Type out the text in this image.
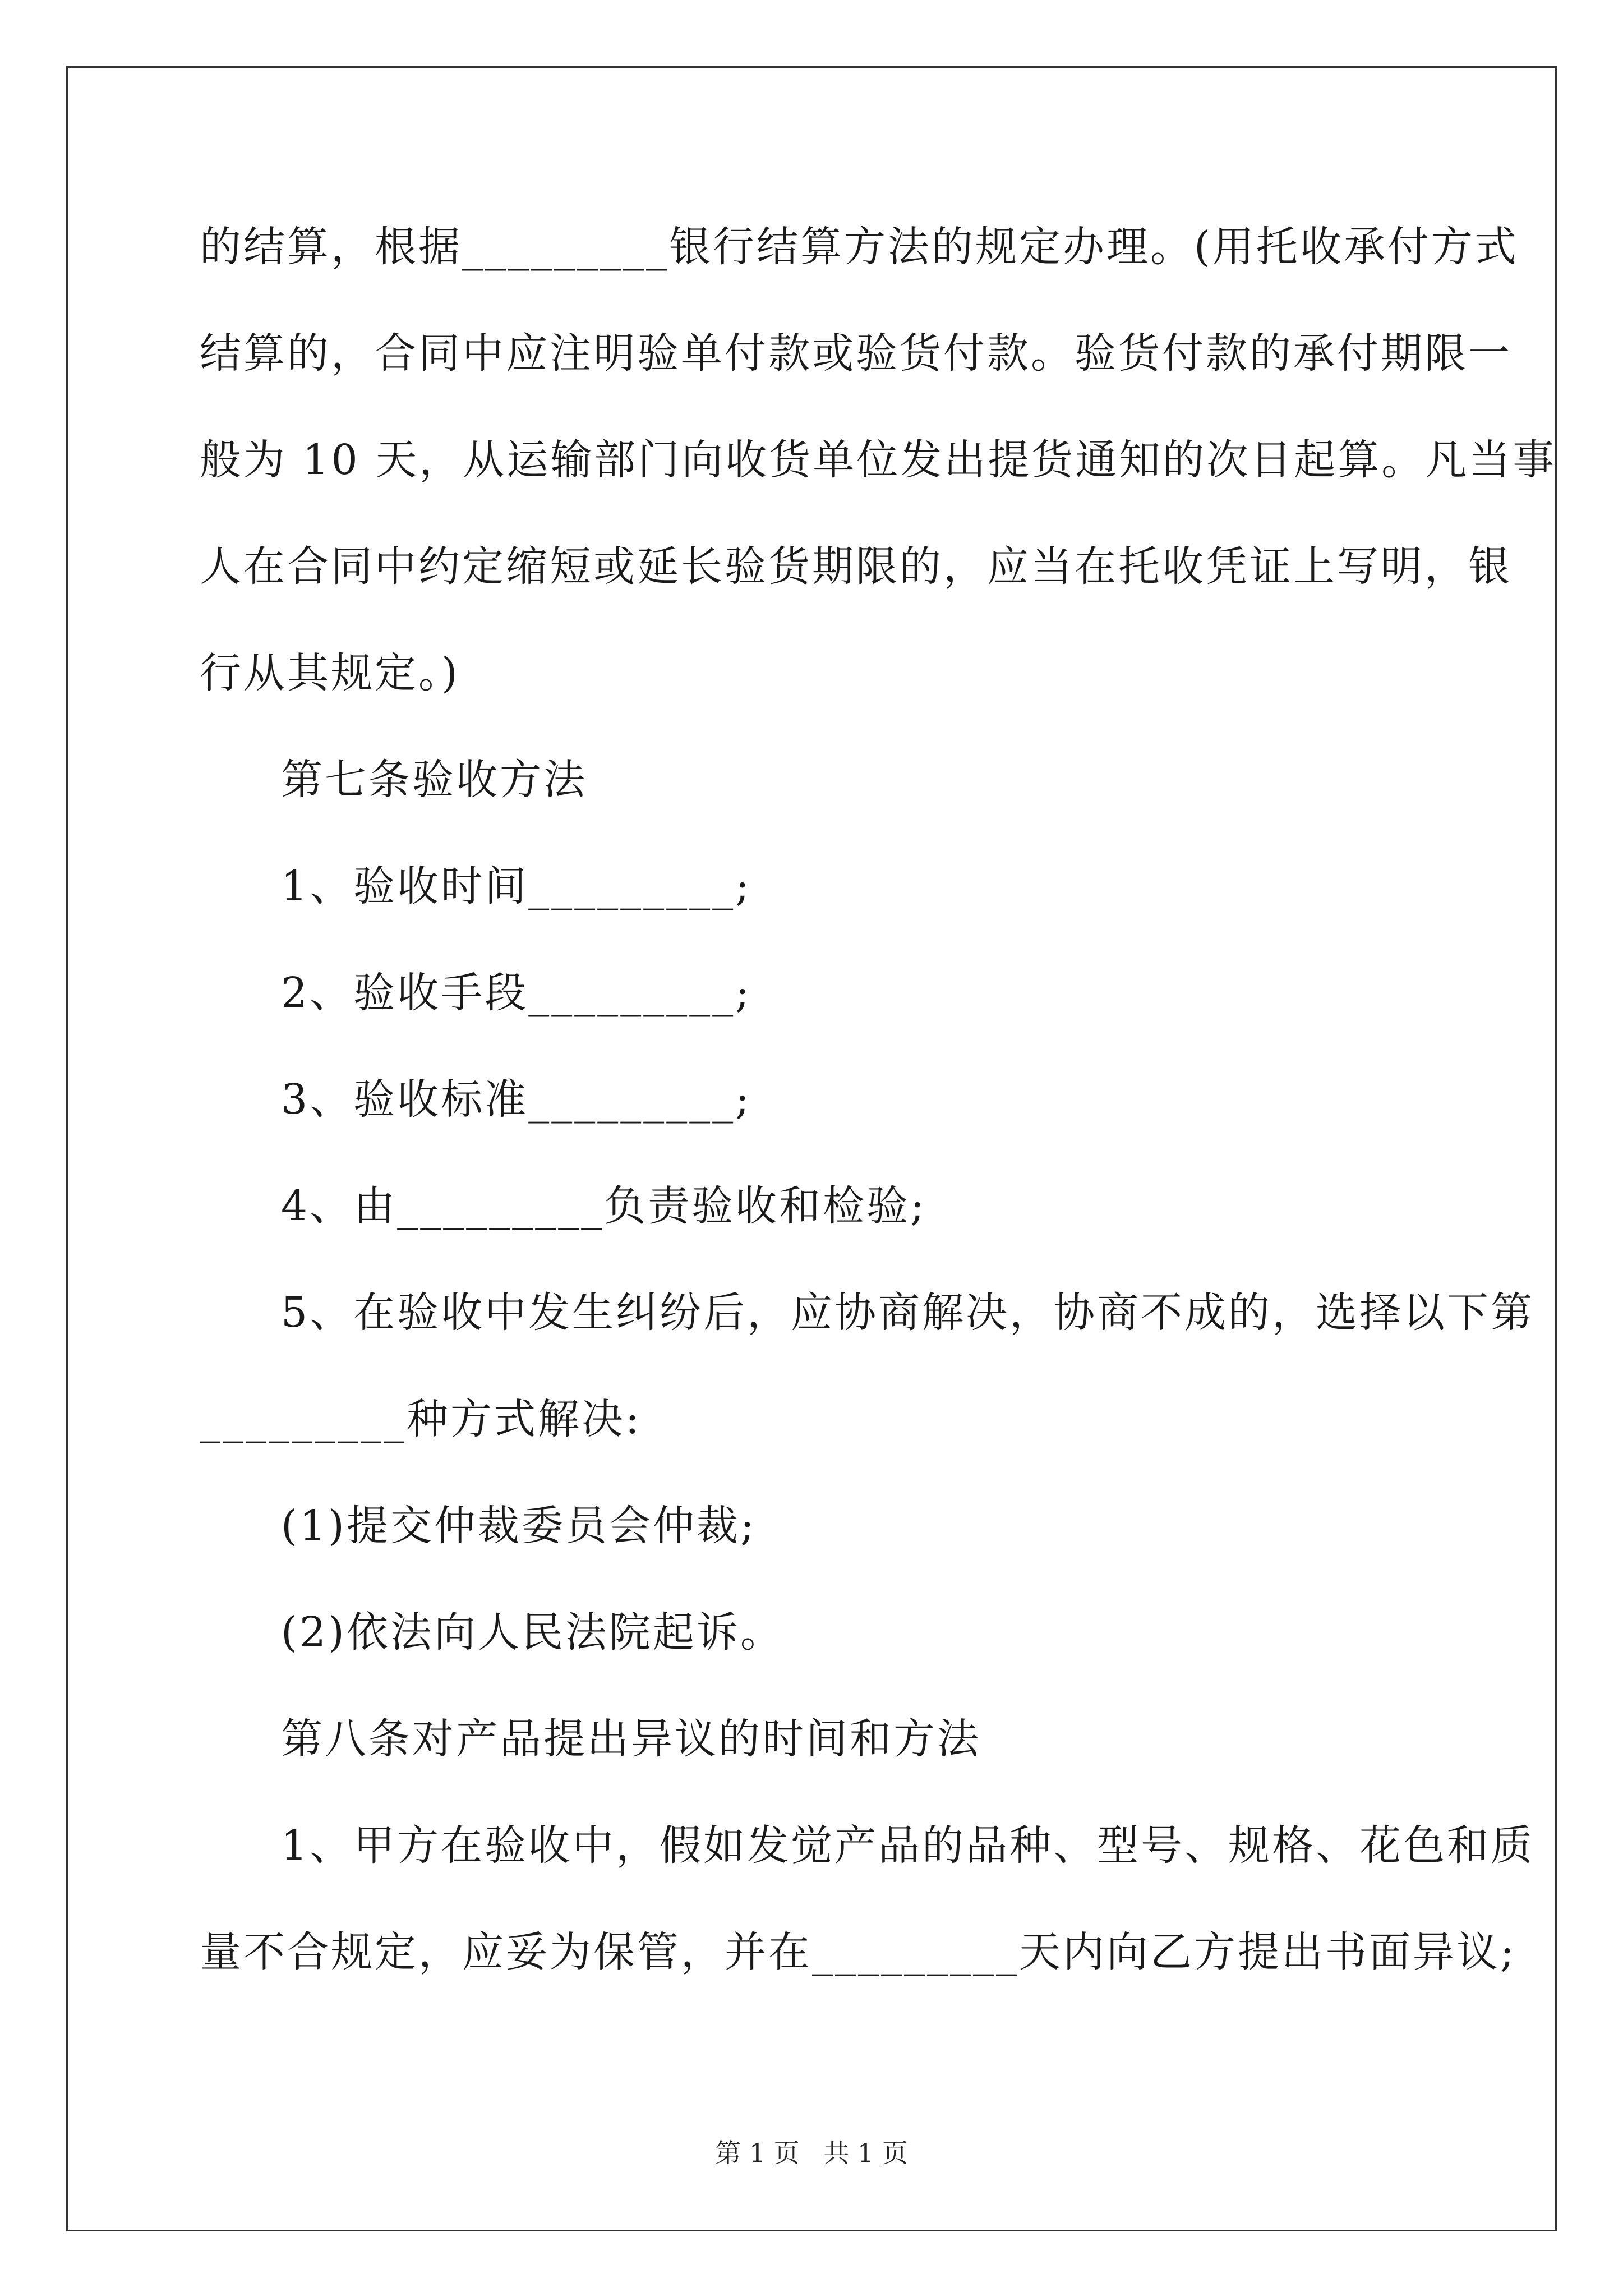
的结算，根据_________银行结算方法的规定办理。(用托收承付方式
结算的，合同中应注明验单付款或验货付款。验货付款的承付期限一
般为 10 天，从运输部门向收货单位发出提货通知的次日起算。凡当事
人在合同中约定缩短或延长验货期限的，应当在托收凭证上写明，银
行从其规定。)
第七条验收方法
1、验收时间_________;
2、验收手段_________;
3、验收标准_________;
4、由_________负责验收和检验;
5、在验收中发生纠纷后，应协商解决，协商不成的，选择以下第
_________种方式解决:
(1)提交仲裁委员会仲裁;
(2)依法向人民法院起诉。
第八条对产品提出异议的时间和方法
1、甲方在验收中，假如发觉产品的品种、型号、规格、花色和质
量不合规定，应妥为保管，并在_________天内向乙方提出书面异议;
第 1 页 共 1 页
